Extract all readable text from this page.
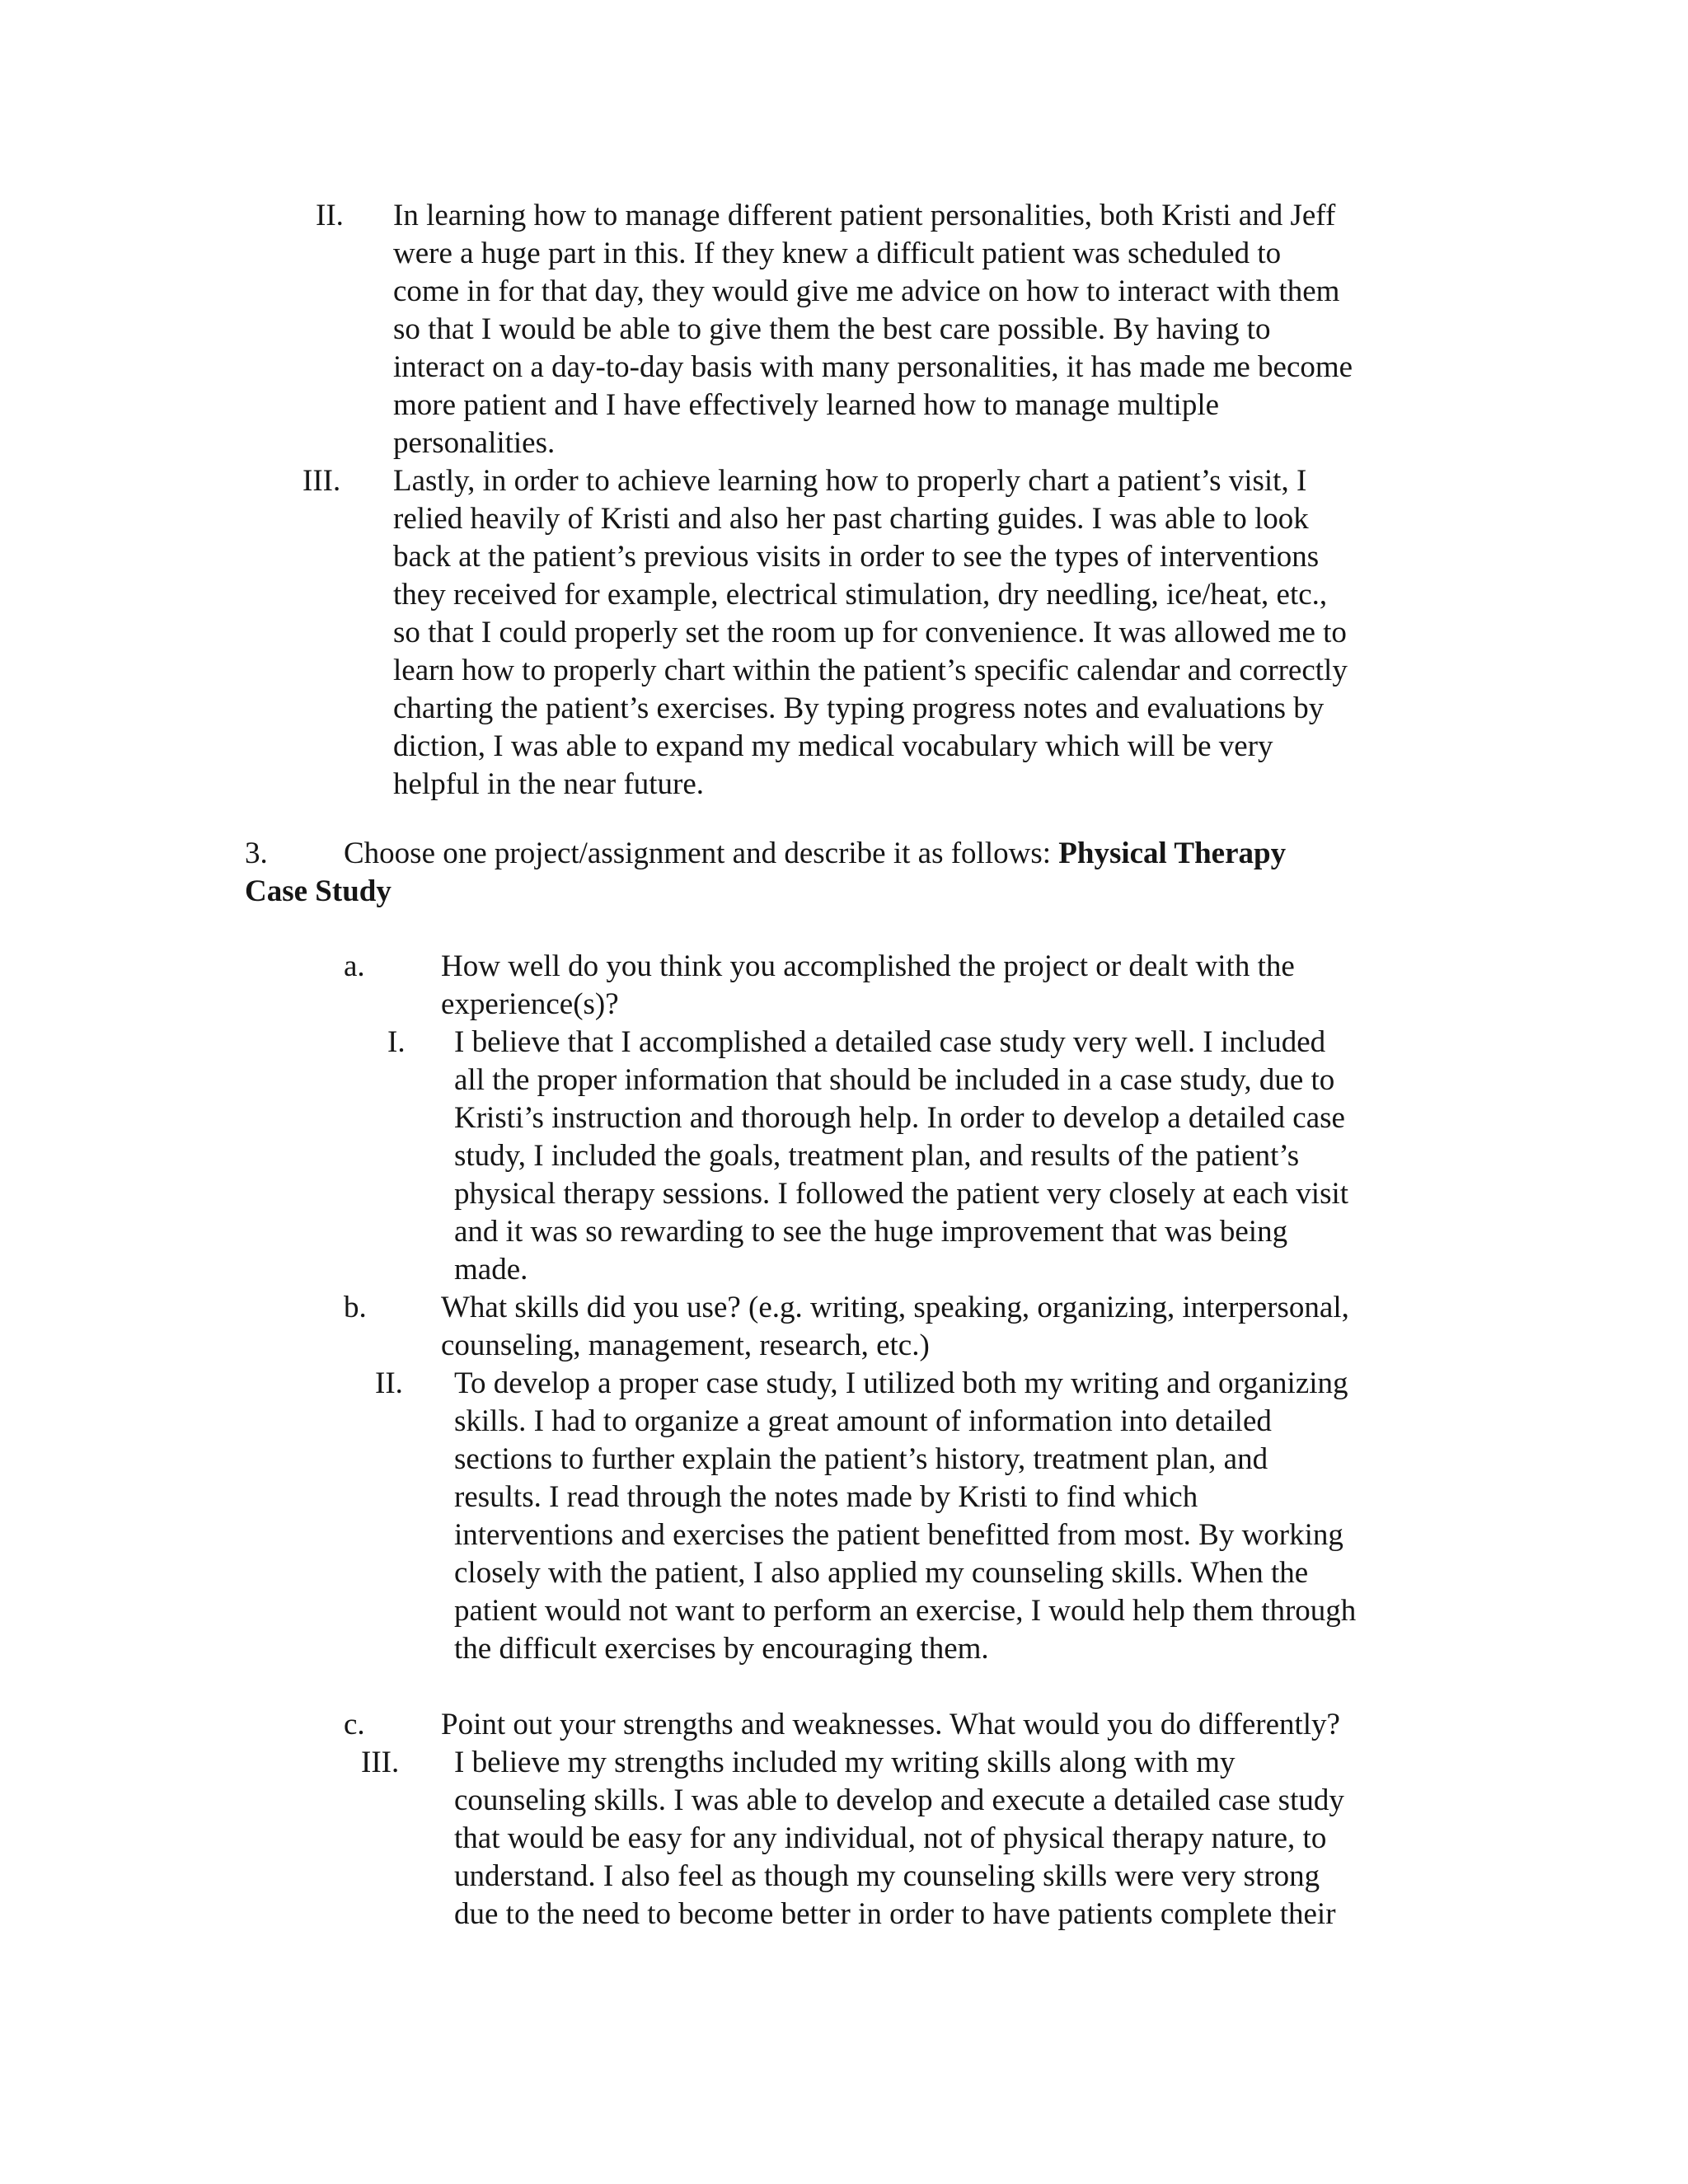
II. In learning how to manage different patient personalities, both Kristi and Jeff
were a huge part in this. If they knew a difficult patient was scheduled to
come in for that day, they would give me advice on how to interact with them
so that I would be able to give them the best care possible. By having to
interact on a day-to-day basis with many personalities, it has made me become
more patient and I have effectively learned how to manage multiple
personalities.
III. Lastly, in order to achieve learning how to properly chart a patient’s visit, I
relied heavily of Kristi and also her past charting guides. I was able to look
back at the patient’s previous visits in order to see the types of interventions
they received for example, electrical stimulation, dry needling, ice/heat, etc.,
so that I could properly set the room up for convenience. It was allowed me to
learn how to properly chart within the patient’s specific calendar and correctly
charting the patient’s exercises. By typing progress notes and evaluations by
diction, I was able to expand my medical vocabulary which will be very
helpful in the near future.
3. Choose one project/assignment and describe it as follows: Physical Therapy
Case Study
a. How well do you think you accomplished the project or dealt with the
experience(s)?
I. I believe that I accomplished a detailed case study very well. I included
all the proper information that should be included in a case study, due to
Kristi’s instruction and thorough help. In order to develop a detailed case
study, I included the goals, treatment plan, and results of the patient’s
physical therapy sessions. I followed the patient very closely at each visit
and it was so rewarding to see the huge improvement that was being
made.
b. What skills did you use? (e.g. writing, speaking, organizing, interpersonal,
counseling, management, research, etc.)
II. To develop a proper case study, I utilized both my writing and organizing
skills. I had to organize a great amount of information into detailed
sections to further explain the patient’s history, treatment plan, and
results. I read through the notes made by Kristi to find which
interventions and exercises the patient benefitted from most. By working
closely with the patient, I also applied my counseling skills. When the
patient would not want to perform an exercise, I would help them through
the difficult exercises by encouraging them.
c. Point out your strengths and weaknesses. What would you do differently?
III. I believe my strengths included my writing skills along with my
counseling skills. I was able to develop and execute a detailed case study
that would be easy for any individual, not of physical therapy nature, to
understand. I also feel as though my counseling skills were very strong
due to the need to become better in order to have patients complete their
